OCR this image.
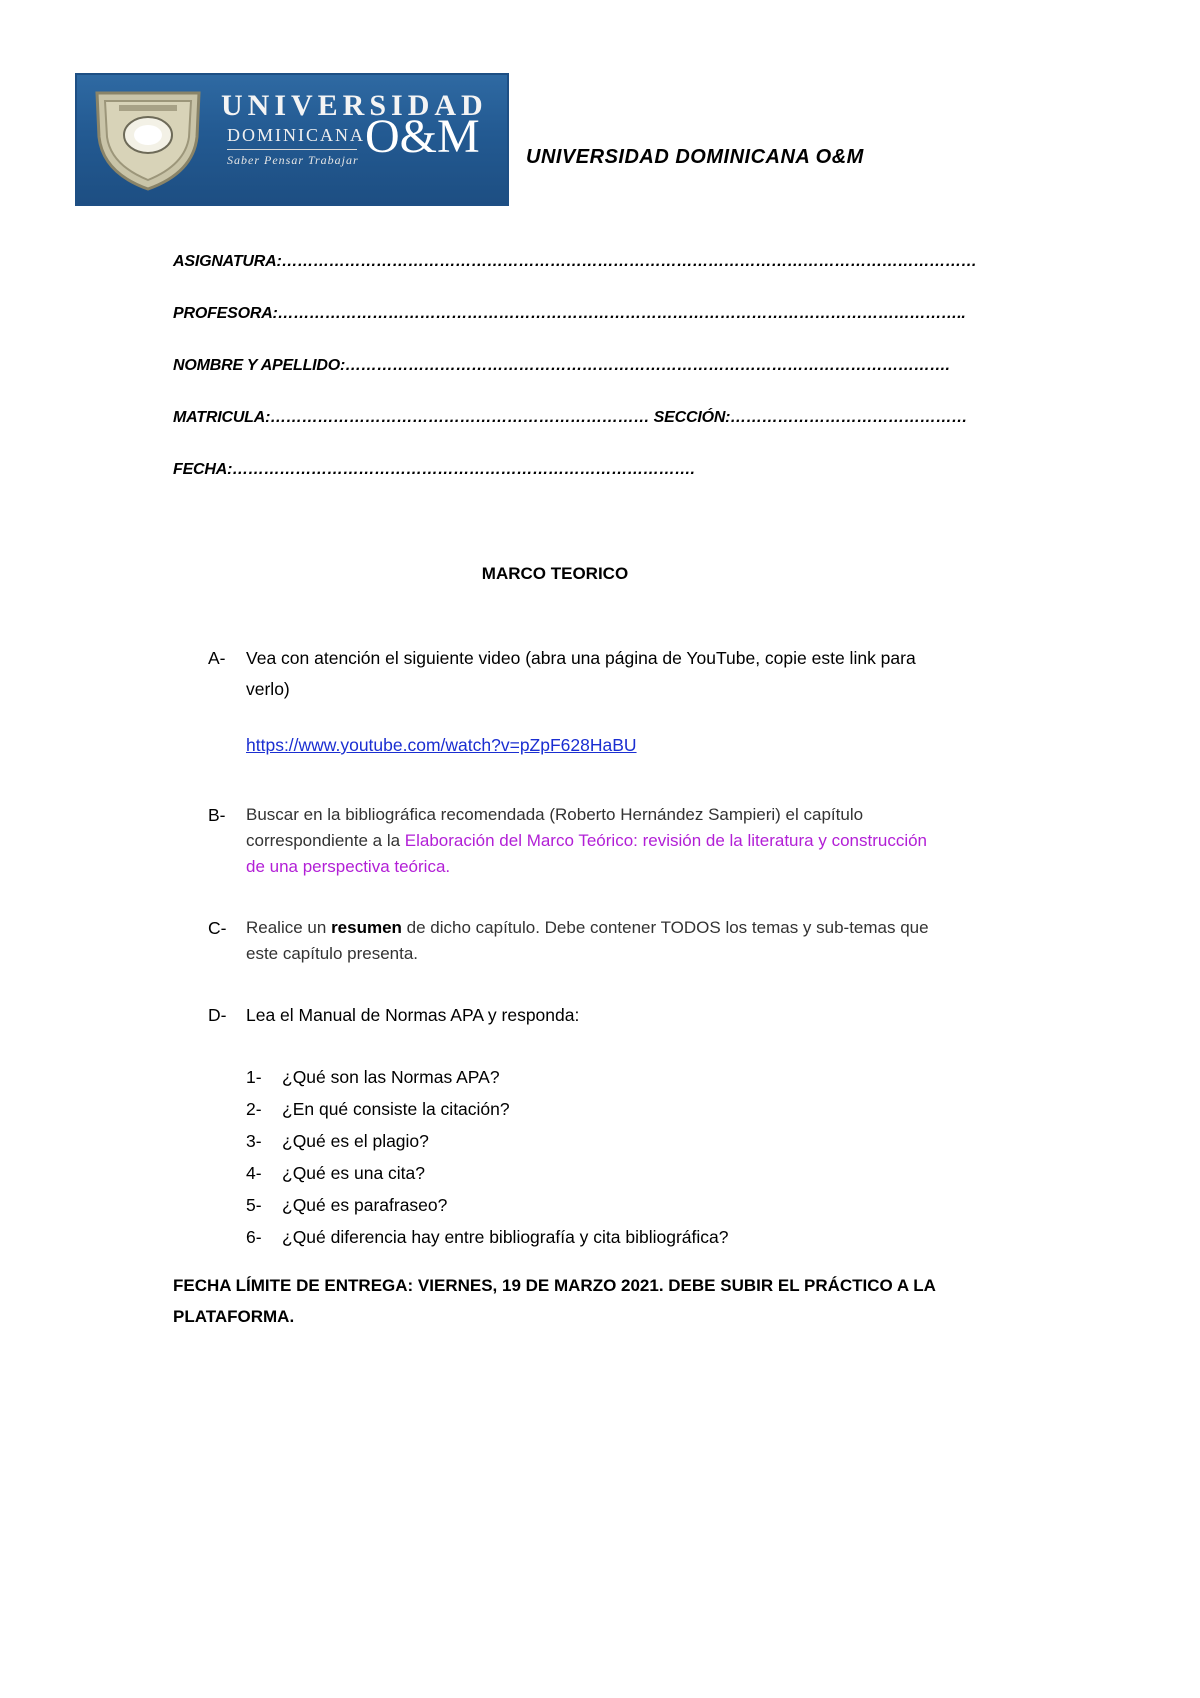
UNIVERSIDAD
DOMINICANA O&M
Saber Pensar Trabajar	UNIVERSIDAD DOMINICANA O&M
ASIGNATURA:……………………………………………………………………………………………………………………
PROFESORA:…………………………………………………………………………………………………………………..
NOMBRE Y APELLIDO:…………………………………………………………………………………………………….
MATRICULA:……………………………………………………………… SECCIÓN:………………………………………
FECHA:…………………………………………………………………………….
MARCO TEORICO
A-	Vea con atención el siguiente video (abra una página de YouTube, copie este link para
verlo)
https://www.youtube.com/watch?v=pZpF628HaBU
B-	Buscar en la bibliográfica recomendada (Roberto Hernández Sampieri) el capítulo
correspondiente a la Elaboración del Marco Teórico: revisión de la literatura y construcción
de una perspectiva teórica.
C-	Realice un resumen de dicho capítulo. Debe contener TODOS los temas y sub-temas que
este capítulo presenta.
D-	Lea el Manual de Normas APA y responda:
1-	¿Qué son las Normas APA?
2-	¿En qué consiste la citación?
3-	¿Qué es el plagio?
4-	¿Qué es una cita?
5-	¿Qué es parafraseo?
6-	¿Qué diferencia hay entre bibliografía y cita bibliográfica?
FECHA LÍMITE DE ENTREGA: VIERNES, 19 DE MARZO 2021. DEBE SUBIR EL PRÁCTICO A LA
PLATAFORMA.
